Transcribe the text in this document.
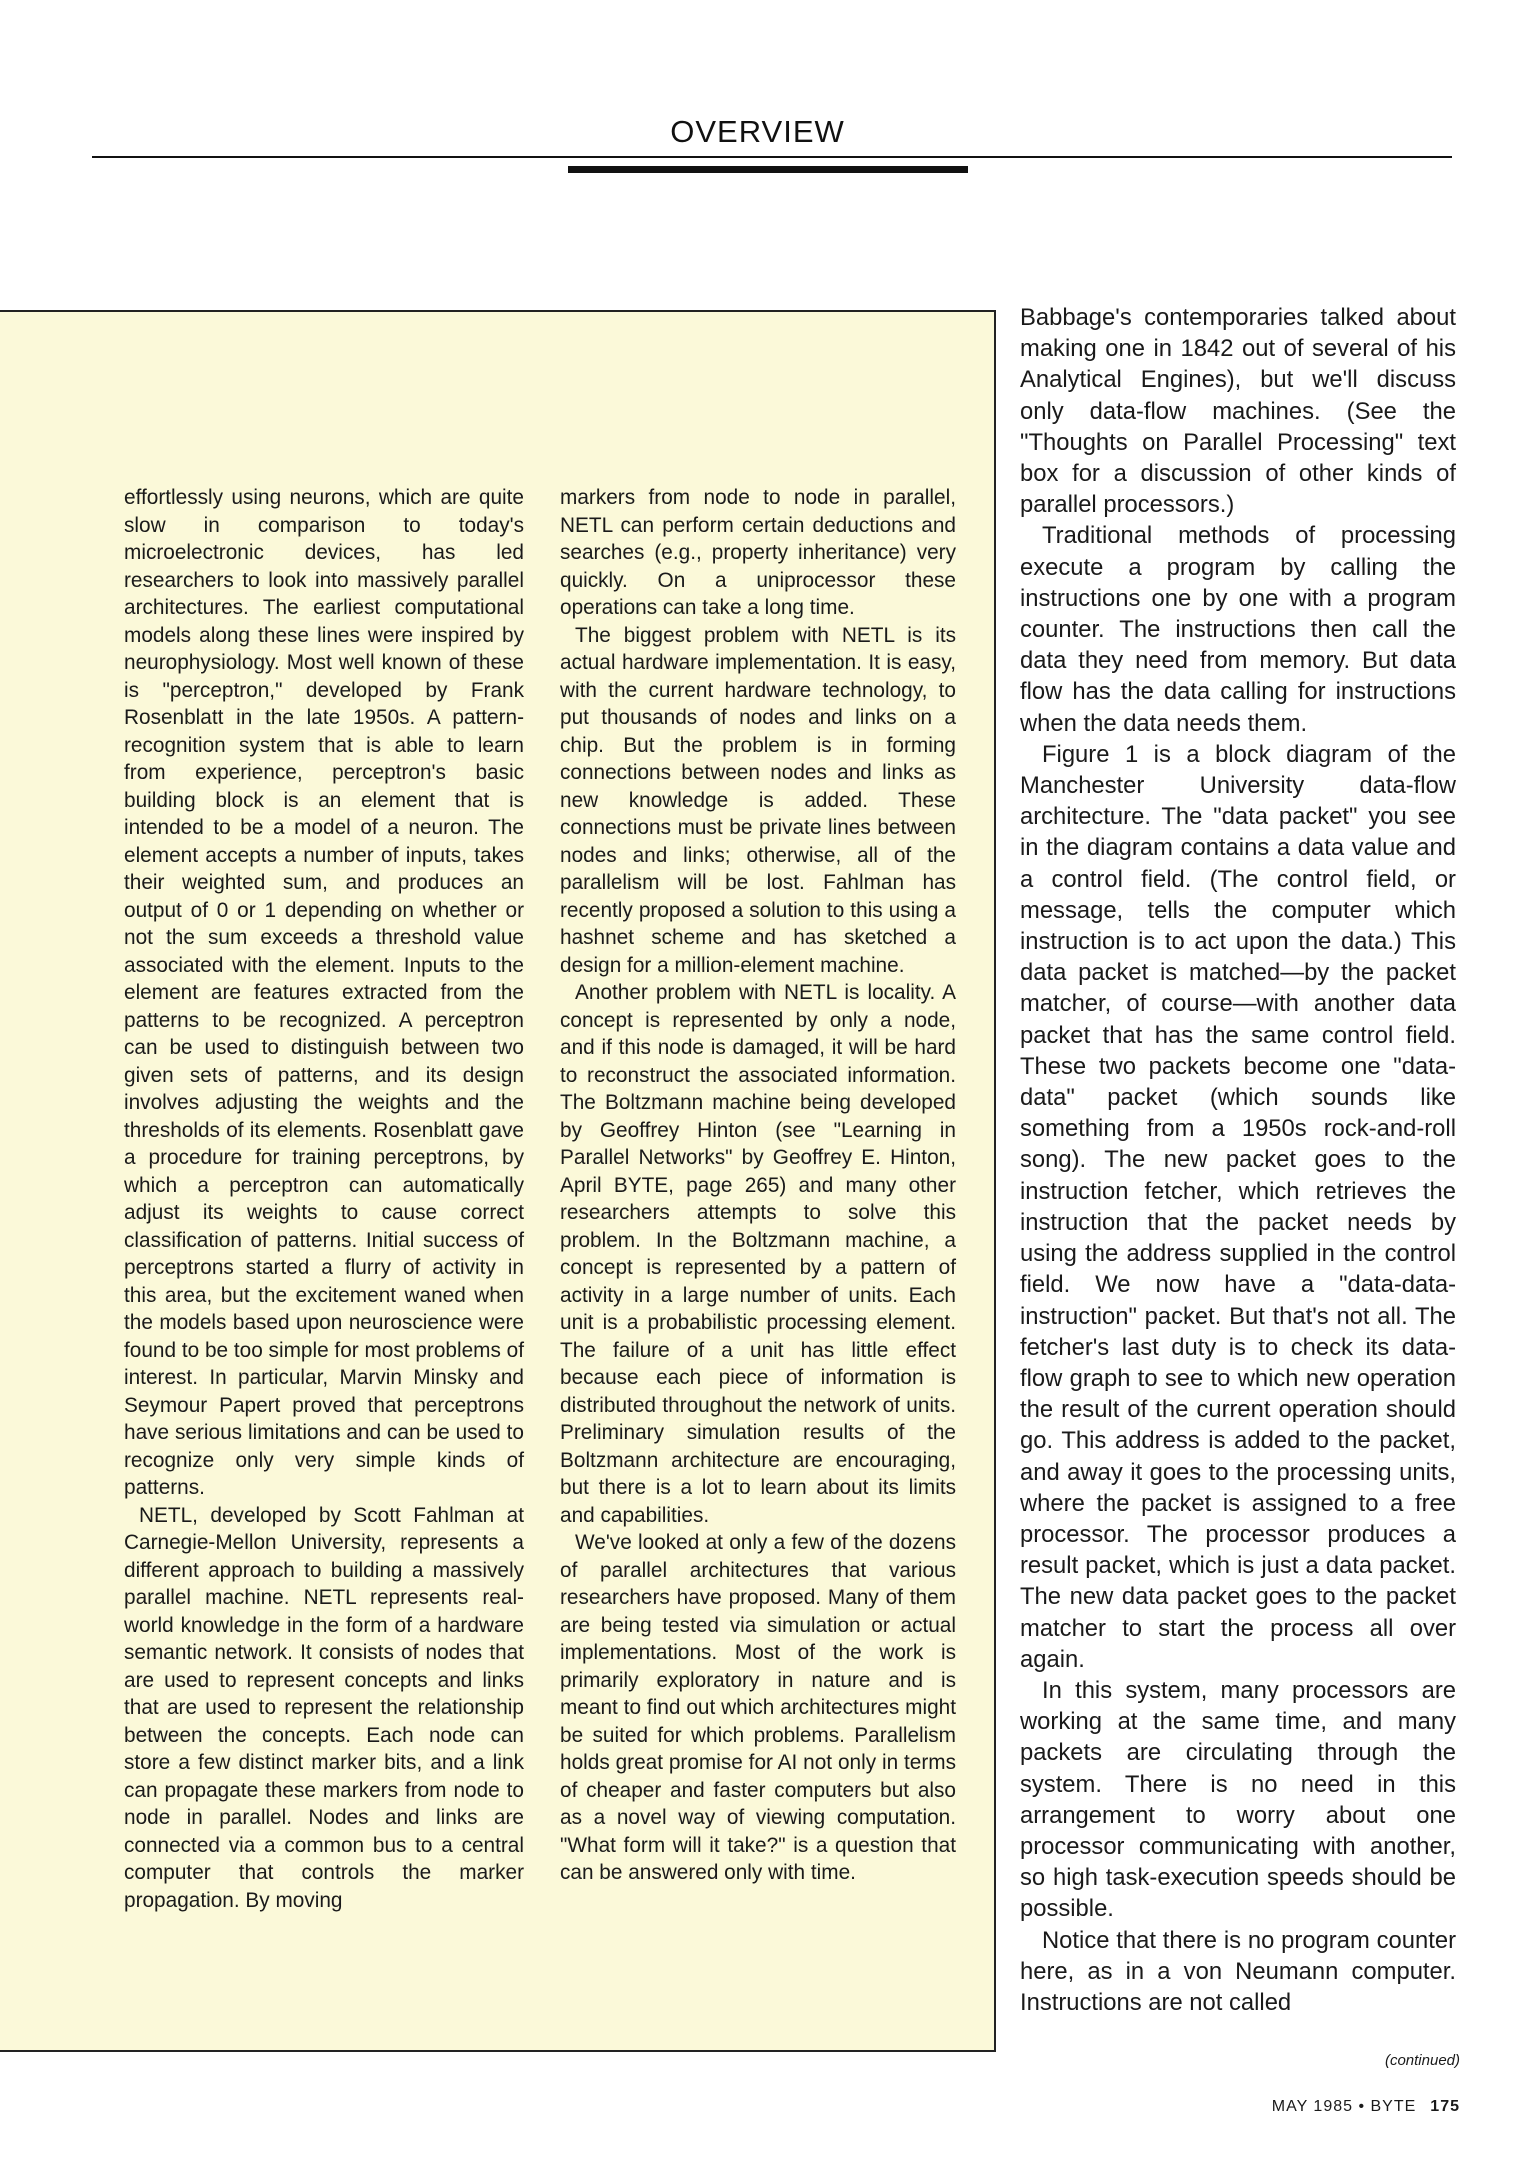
OVERVIEW

effortlessly using neurons, which are quite slow in comparison to today's microelectronic devices, has led researchers to look into massively parallel architectures. The earliest computational models along these lines were inspired by neurophysiology. Most well known of these is "perceptron," developed by Frank Rosenblatt in the late 1950s. A pattern-recognition system that is able to learn from experience, perceptron's basic building block is an element that is intended to be a model of a neuron. The element accepts a number of inputs, takes their weighted sum, and produces an output of 0 or 1 depending on whether or not the sum exceeds a threshold value associated with the element. Inputs to the element are features extracted from the patterns to be recognized. A perceptron can be used to distinguish between two given sets of patterns, and its design involves adjusting the weights and the thresholds of its elements. Rosenblatt gave a procedure for training perceptrons, by which a perceptron can automatically adjust its weights to cause correct classification of patterns. Initial success of perceptrons started a flurry of activity in this area, but the excitement waned when the models based upon neuroscience were found to be too simple for most problems of interest. In particular, Marvin Minsky and Seymour Papert proved that perceptrons have serious limitations and can be used to recognize only very simple kinds of patterns.

NETL, developed by Scott Fahlman at Carnegie-Mellon University, represents a different approach to building a massively parallel machine. NETL represents real-world knowledge in the form of a hardware semantic network. It consists of nodes that are used to represent concepts and links that are used to represent the relationship between the concepts. Each node can store a few distinct marker bits, and a link can propagate these markers from node to node in parallel. Nodes and links are connected via a common bus to a central computer that controls the marker propagation. By moving

markers from node to node in parallel, NETL can perform certain deductions and searches (e.g., property inheritance) very quickly. On a uniprocessor these operations can take a long time.

The biggest problem with NETL is its actual hardware implementation. It is easy, with the current hardware technology, to put thousands of nodes and links on a chip. But the problem is in forming connections between nodes and links as new knowledge is added. These connections must be private lines between nodes and links; otherwise, all of the parallelism will be lost. Fahlman has recently proposed a solution to this using a hashnet scheme and has sketched a design for a million-element machine.

Another problem with NETL is locality. A concept is represented by only a node, and if this node is damaged, it will be hard to reconstruct the associated information. The Boltzmann machine being developed by Geoffrey Hinton (see "Learning in Parallel Networks" by Geoffrey E. Hinton, April BYTE, page 265) and many other researchers attempts to solve this problem. In the Boltzmann machine, a concept is represented by a pattern of activity in a large number of units. Each unit is a probabilistic processing element. The failure of a unit has little effect because each piece of information is distributed throughout the network of units. Preliminary simulation results of the Boltzmann architecture are encouraging, but there is a lot to learn about its limits and capabilities.

We've looked at only a few of the dozens of parallel architectures that various researchers have proposed. Many of them are being tested via simulation or actual implementations. Most of the work is primarily exploratory in nature and is meant to find out which architectures might be suited for which problems. Parallelism holds great promise for AI not only in terms of cheaper and faster computers but also as a novel way of viewing computation. "What form will it take?" is a question that can be answered only with time.

Babbage's contemporaries talked about making one in 1842 out of several of his Analytical Engines), but we'll discuss only data-flow machines. (See the "Thoughts on Parallel Processing" text box for a discussion of other kinds of parallel processors.)

Traditional methods of processing execute a program by calling the instructions one by one with a program counter. The instructions then call the data they need from memory. But data flow has the data calling for instructions when the data needs them.

Figure 1 is a block diagram of the Manchester University data-flow architecture. The "data packet" you see in the diagram contains a data value and a control field. (The control field, or message, tells the computer which instruction is to act upon the data.) This data packet is matched—by the packet matcher, of course—with another data packet that has the same control field. These two packets become one "data-data" packet (which sounds like something from a 1950s rock-and-roll song). The new packet goes to the instruction fetcher, which retrieves the instruction that the packet needs by using the address supplied in the control field. We now have a "data-data-instruction" packet. But that's not all. The fetcher's last duty is to check its data-flow graph to see to which new operation the result of the current operation should go. This address is added to the packet, and away it goes to the processing units, where the packet is assigned to a free processor. The processor produces a result packet, which is just a data packet. The new data packet goes to the packet matcher to start the process all over again.

In this system, many processors are working at the same time, and many packets are circulating through the system. There is no need in this arrangement to worry about one processor communicating with another, so high task-execution speeds should be possible.

Notice that there is no program counter here, as in a von Neumann computer. Instructions are not called

(continued)
MAY 1985 • BYTE 175
